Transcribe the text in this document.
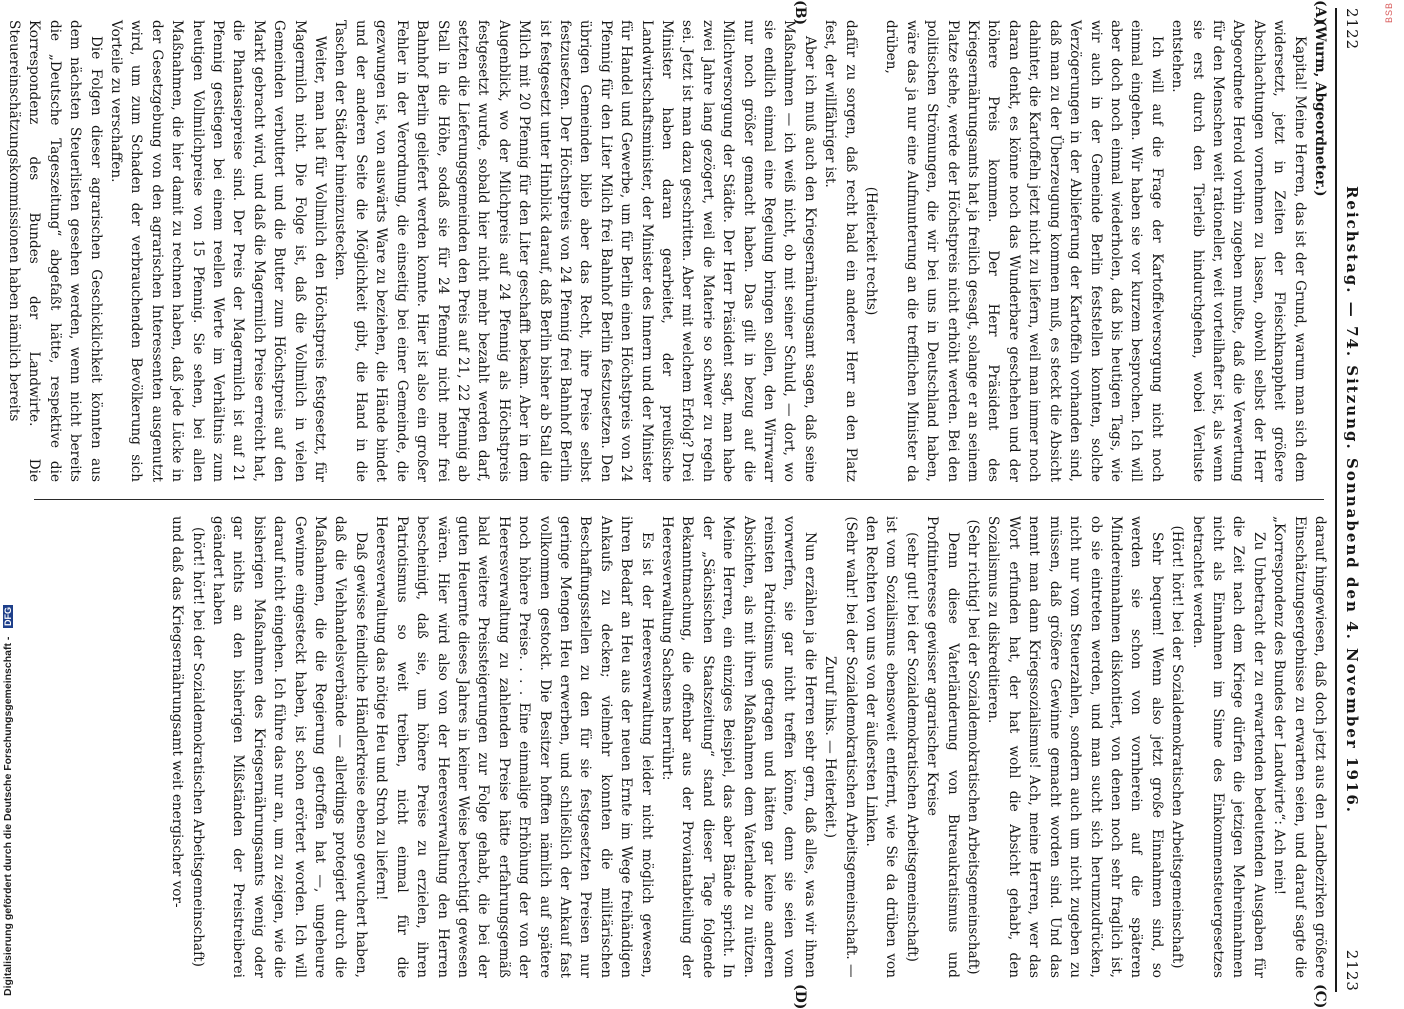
BSB
Digitalisierung gefördert durch die Deutsche Forschungsgemeinschaft - DFG
2122
Reichstag. — 74. Sitzung. Sonnabend den 4. November 1916.
2123
(A)
(B)
(C)
(D)

(Wurm, Abgeordneter.)

Kapital! Meine Herren, das ist der Grund, warum man sich dem widersetzt, jetzt in Zeiten der Fleischknappheit größere Abschlachtungen vornehmen zu lassen, obwohl selbst der Herr Abgeordnete Herold vorhin zugeben mußte, daß die Verwertung für den Menschen weit rationeller, weit vorteilhafter ist, als wenn sie erst durch den Tierleib hindurchgehen, wobei Verluste entstehen.

Ich will auf die Frage der Kartoffelversorgung nicht noch einmal eingehen. Wir haben sie vor kurzem besprochen. Ich will aber doch noch einmal wiederholen, daß bis heutigen Tags, wie wir auch in der Gemeinde Berlin feststellen konnten, solche Verzögerungen in der Ablieferung der Kartoffeln vorhanden sind, daß man zu der Überzeugung kommen muß, es steckt die Absicht dahinter, die Kartoffeln jetzt nicht zu liefern, weil man immer noch daran denkt, es könne noch das Wunderbare geschehen und der höhere Preis kommen. Der Herr Präsident des Kriegsernährungsamts hat ja freilich gesagt, solange er an seinem Platze stehe, werde der Höchstpreis nicht erhöht werden. Bei den politischen Strömungen, die wir bei uns in Deutschland haben, wäre das ja nur eine Aufmunterung an die trefflichen Minister da drüben,

(Heiterkeit rechts)

dafür zu sorgen, daß recht bald ein anderer Herr an den Platz fest, der willfähriger ist.

Aber ich muß auch den Kriegsernährungsamt sagen, daß seine Maßnahmen — ich weiß nicht, ob mit seiner Schuld, — dort, wo sie endlich einmal eine Regelung bringen sollen, den Wirrwarr nur noch größer gemacht haben. Das gilt in bezug auf die Milchversorgung der Städte. Der Herr Präsident sagt, man habe zwei Jahre lang gezögert, weil die Materie so schwer zu regeln sei. Jetzt ist man dazu geschritten. Aber mit welchem Erfolg? Drei Minister haben daran gearbeitet, der preußische Landwirtschaftsminister, der Minister des Innern und der Minister für Handel und Gewerbe, um für Berlin einen Höchstpreis von 24 Pfennig für den Liter Milch frei Bahnhof Berlin festzusetzen. Den übrigen Gemeinden blieb aber das Recht, ihre Preise selbst festzusetzen. Der Höchstpreis von 24 Pfennig frei Bahnhof Berlin ist festgesetzt unter Hinblick darauf, daß Berlin bisher ab Stall die Milch mit 20 Pfennig für den Liter geschafft bekam. Aber in dem Augenblick, wo der Milchpreis auf 24 Pfennig als Höchstpreis festgesetzt wurde, sobald hier nicht mehr bezahlt werden darf, setzten die Lieferungsgemeinden den Preis auf 21, 22 Pfennig ab Stall in die Höhe, sodaß sie für 24 Pfennig nicht mehr frei Bahnhof Berlin geliefert werden konnte. Hier ist also ein großer Fehler in der Verordnung, die einseitig bei einer Gemeinde, die gezwungen ist, von auswärts Ware zu beziehen, die Hände bindet und der anderen Seite die Möglichkeit gibt, die Hand in die Taschen der Städter hineinzustecken.

Weiter, man hat für Vollmilch den Höchstpreis festgesetzt, für Magermilch nicht. Die Folge ist, daß die Vollmilch in vielen Gemeinden verbuttert und die Butter zum Höchstpreis auf den Markt gebracht wird, und daß die Magermilch Preise erreicht hat, die Phantasiepreise sind. Der Preis der Magermilch ist auf 21 Pfennig gestiegen bei einem reellen Werte im Verhältnis zum heutigen Vollmilchpreise von 15 Pfennig. Sie sehen, bei allen Maßnahmen, die hier damit zu rechnen haben, daß jede Lücke in der Gesetzgebung von den agrarischen Interessenten ausgenutzt wird, um zum Schaden der verbrauchenden Bevölkerung sich Vorteile zu verschaffen.

Die Folgen dieser agrarischen Geschicklichkeit könnten aus dem nächsten Steuerlisten gesehen werden, wenn nicht bereits die „Deutsche Tageszeitung“ abgefaßt hätte, respektive die Korrespondenz des Bundes der Landwirte. Die Steuereinschätzungskommissionen haben nämlich bereits

darauf hingewiesen, daß doch jetzt aus den Landbezirken größere Einschätzungsergebnisse zu erwarten seien, und darauf sagte die „Korrespondenz des Bundes der Landwirte“: Ach nein!

Zu Unbetracht der zu erwartenden bedeutenden Ausgaben für die Zeit nach dem Kriege dürfen die jetzigen Mehreinnahmen nicht als Einnahmen im Sinne des Einkommensteuergesetzes betrachtet werden.

(Hört! hört! bei der Sozialdemokratischen Arbeitsgemeinschaft)

Sehr bequem! Wenn also jetzt große Einnahmen sind, so werden sie schon von vornherein auf die späteren Mindereinnahmen diskontiert, von denen noch sehr fraglich ist, ob sie eintreten werden, und man sucht sich herumzudrücken, nicht nur vom Steuerzahlen, sondern auch um nicht zugeben zu müssen, daß größere Gewinne gemacht worden sind. Und das nennt man dann Kriegssozialismus! Ach, meine Herren, wer das Wort erfunden hat, der hat wohl die Absicht gehabt, den Sozialismus zu diskreditieren.

(Sehr richtig! bei der Sozialdemokratischen Arbeitsgemeinschaft)

Denn diese Vaterländerung von Bureaukratismus und Profitinteresse gewisser agrarischer Kreise

(sehr gut! bei der Sozialdemokratischen Arbeitsgemeinschaft)

ist vom Sozialismus ebensoweit entfernt, wie Sie da drüben von den Rechten von uns von der äußersten Linken.

(Sehr wahr! bei der Sozialdemokratischen Arbeitsgemeinschaft. — Zuruf links. — Heiterkeit.)

Nun erzählen ja die Herren sehr gern, daß alles, was wir ihnen vorwerfen, sie gar nicht treffen könne, denn sie seien vom reinsten Patriotismus getragen und hätten gar keine anderen Absichten, als mit ihren Maßnahmen dem Vaterlande zu nützen. Meine Herren, ein einziges Beispiel, das aber Bände spricht. In der „Sächsischen Staatszeitung“ stand dieser Tage folgende Bekanntmachung, die offenbar aus der Proviantabteilung der Heeresverwaltung Sachsens herrührt:

Es ist der Heeresverwaltung leider nicht möglich gewesen, ihren Bedarf an Heu aus der neuen Ernte im Wege freihändigen Ankaufs zu decken; vielmehr konnten die militärischen Beschaffungsstellen zu den für sie festgesetzten Preisen nur geringe Mengen Heu erwerben, und schließlich der Ankauf fast vollkommen gestockt. Die Besitzer hofften nämlich auf spätere noch höhere Preise. . . . Eine einmalige Erhöhung der von der Heeresverwaltung zu zahlenden Preise hätte erfahrungsgemäß bald weitere Preissteigerungen zur Folge gehabt, die bei der guten Heuernte dieses Jahres in keiner Weise berechtigt gewesen wären. Hier wird also von der Heeresverwaltung den Herren bescheinigt, daß sie, um höhere Preise zu erzielen, ihren Patriotismus so weit treiben, nicht einmal für die Heeresverwaltung das nötige Heu und Stroh zu liefern!

Daß gewisse feindliche Händlerkreise ebenso gewuchert haben, daß die Viehhandelsverbände — allerdings protegiert durch die Maßnahmen, die die Regierung getroffen hat —, ungeheure Gewinne eingesteckt haben, ist schon erörtert worden. Ich will darauf nicht eingehen. Ich führe das nur an, um zu zeigen, wie die bisherigen Maßnahmen des Kriegsernährungsamts wenig oder gar nichts an den bisherigen Mißständen der Preistreiberei geändert haben

(hört! hört! bei der Sozialdemokratischen Arbeitsgemeinschaft)

und daß das Kriegsernährungsamt weit energischer vor-
